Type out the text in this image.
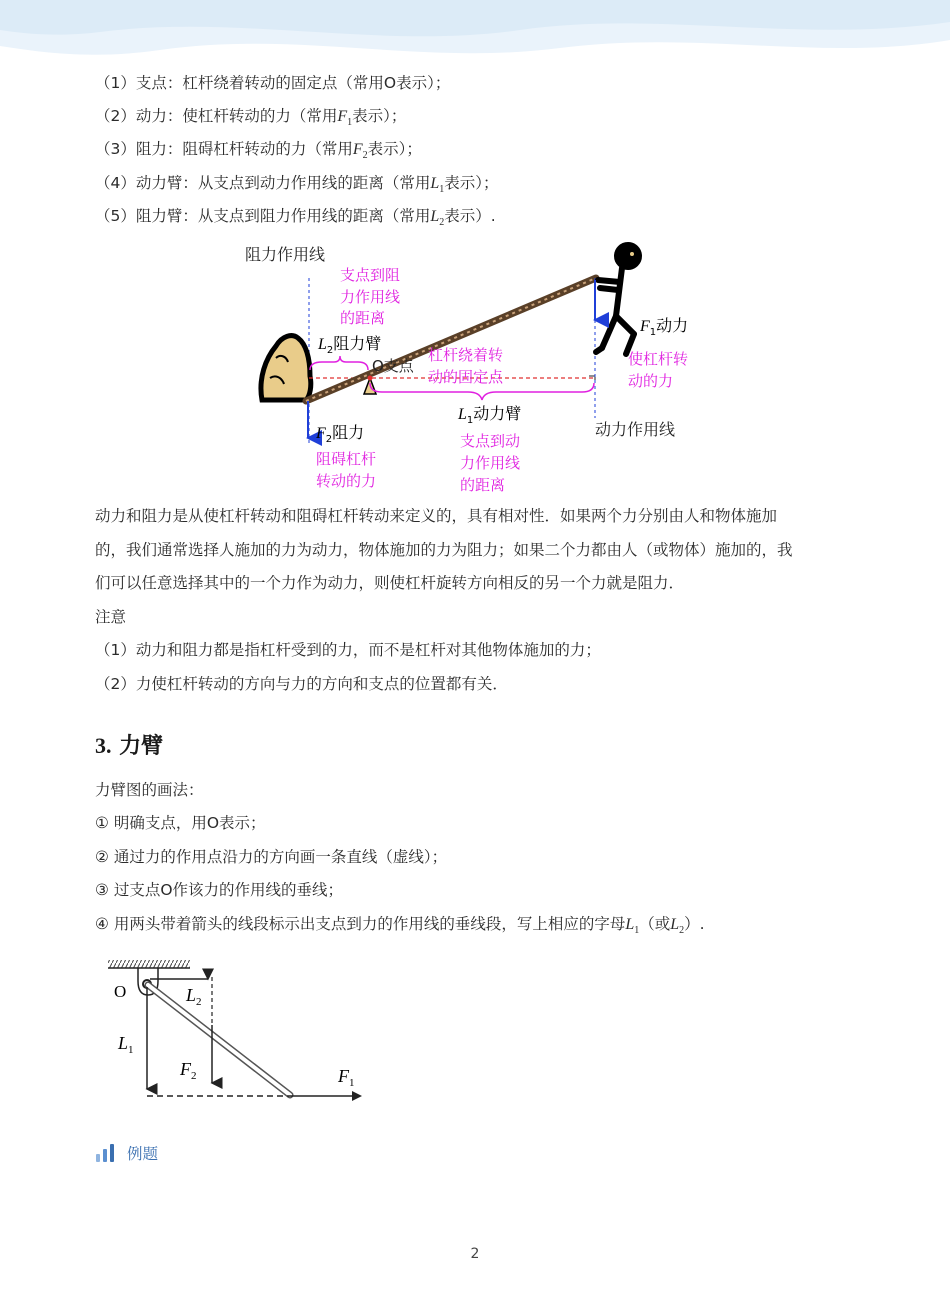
（1）支点：杠杆绕着转动的固定点（常用O表示）；
（2）动力：使杠杆转动的力（常用$F_1$表示）；
（3）阻力：阻碍杠杆转动的力（常用$F_2$表示）；
（4）动力臂：从支点到动力作用线的距离（常用$L_1$表示）；
（5）阻力臂：从支点到阻力作用线的距离（常用$L_2$表示）.
阻力作用线
支点到阻
力作用线
的距离
$L_2$阻力臂
O支点
杠杆绕着转
动的固定点
$L_1$动力臂
支点到动
力作用线
的距离
动力作用线
$F_1$动力
使杠杆转
动的力
$F_2$阻力
阻碍杠杆
转动的力
动力和阻力是从使杠杆转动和阻碍杠杆转动来定义的，具有相对性．如果两个力分别由人和物体施加
的，我们通常选择人施加的力为动力，物体施加的力为阻力；如果二个力都由人（或物体）施加的，我
们可以任意选择其中的一个力作为动力，则使杠杆旋转方向相反的另一个力就是阻力．
注意
（1）动力和阻力都是指杠杆受到的力，而不是杠杆对其他物体施加的力；
（2）力使杠杆转动的方向与力的方向和支点的位置都有关．
3. 力臂
力臂图的画法：
① 明确支点，用O表示；
② 通过力的作用点沿力的方向画一条直线（虚线）；
③ 过支点O作该力的作用线的垂线；
④ 用两头带着箭头的线段标示出支点到力的作用线的垂线段，写上相应的字母$L_1$（或$L_2$）.
O
$L_1$
$L_2$
$F_2$	$F_1$
例题
2
